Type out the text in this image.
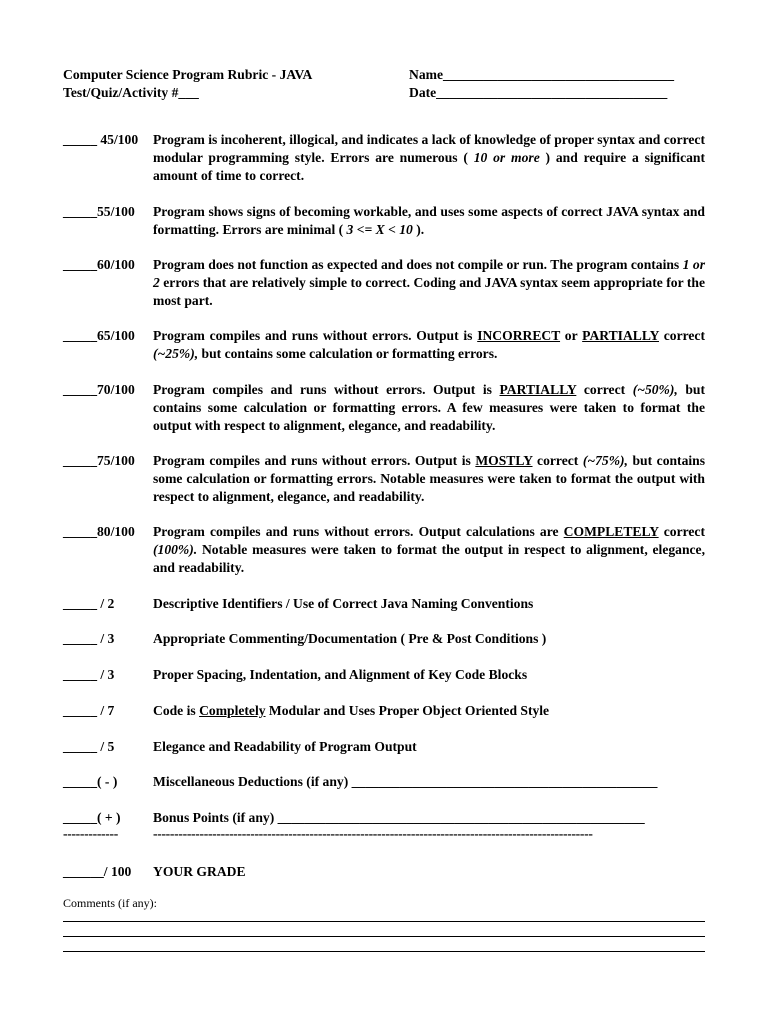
Computer Science Program Rubric - JAVA
Test/Quiz/Activity #___
Name__________________________________
Date__________________________________
_____ 45/100 Program is incoherent, illogical, and indicates a lack of knowledge of proper syntax and correct modular programming style. Errors are numerous ( 10 or more ) and require a significant amount of time to correct.
_____55/100 Program shows signs of becoming workable, and uses some aspects of correct JAVA syntax and formatting. Errors are minimal ( 3 <= X < 10 ).
_____60/100 Program does not function as expected and does not compile or run. The program contains 1 or 2 errors that are relatively simple to correct. Coding and JAVA syntax seem appropriate for the most part.
_____65/100 Program compiles and runs without errors. Output is INCORRECT or PARTIALLY correct (~25%), but contains some calculation or formatting errors.
_____70/100 Program compiles and runs without errors. Output is PARTIALLY correct (~50%), but contains some calculation or formatting errors. A few measures were taken to format the output with respect to alignment, elegance, and readability.
_____75/100 Program compiles and runs without errors. Output is MOSTLY correct (~75%), but contains some calculation or formatting errors. Notable measures were taken to format the output with respect to alignment, elegance, and readability.
_____80/100 Program compiles and runs without errors. Output calculations are COMPLETELY correct (100%). Notable measures were taken to format the output in respect to alignment, elegance, and readability.
_____ / 2	Descriptive Identifiers / Use of Correct Java Naming Conventions
_____ / 3	Appropriate Commenting/Documentation ( Pre & Post Conditions )
_____ / 3	Proper Spacing, Indentation, and Alignment of Key Code Blocks
_____ / 7	Code is Completely Modular and Uses Proper Object Oriented Style
_____ / 5	Elegance and Readability of Program Output
_____( - )	Miscellaneous Deductions (if any) _____________________________________________
_____( + ) Bonus Points (if any) ______________________________________________________
-------------	--------------------------------------------------------------------------------------------------------
______/ 100 YOUR GRADE
Comments (if any):
